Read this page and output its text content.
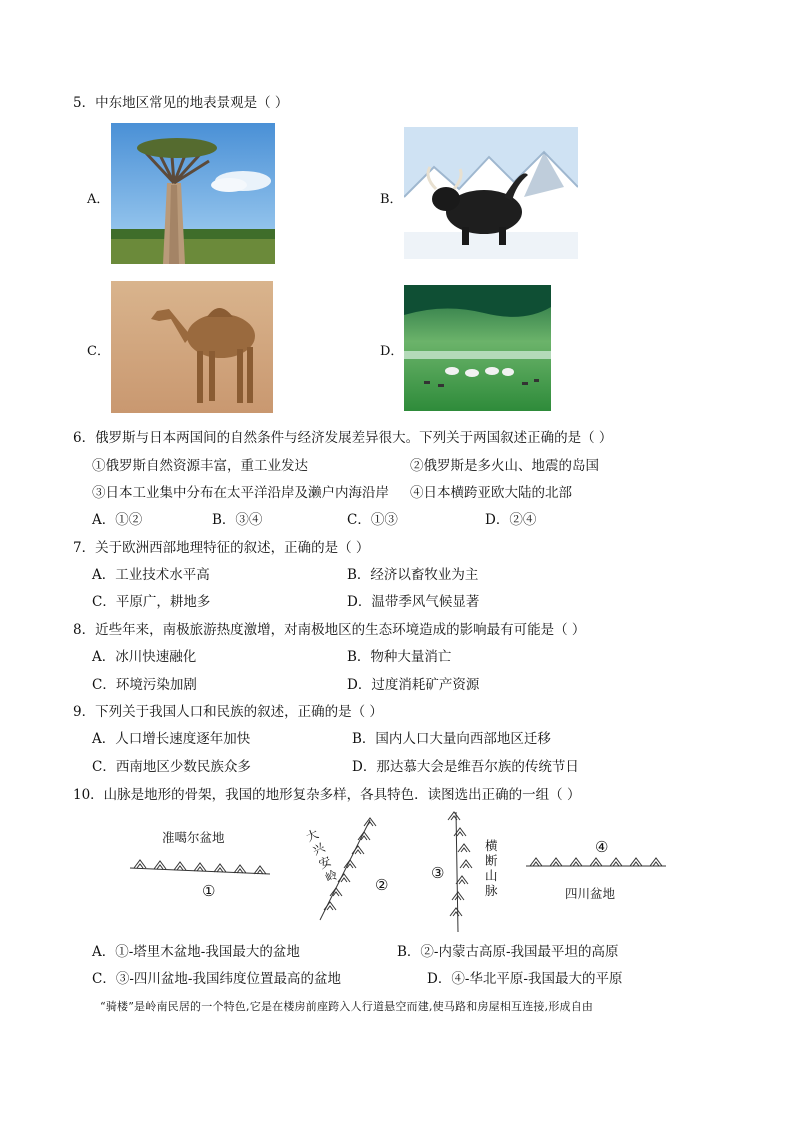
5．中东地区常见的地表景观是（ ）
A．	B．
C．	D．
6．俄罗斯与日本两国间的自然条件与经济发展差异很大。下列关于两国叙述正确的是（ ）
①俄罗斯自然资源丰富，重工业发达	②俄罗斯是多火山、地震的岛国
③日本工业集中分布在太平洋沿岸及濑户内海沿岸 ④日本横跨亚欧大陆的北部
A．①②	B．③④	C．①③	D．②④
7．关于欧洲西部地理特征的叙述，正确的是（ ）
A．工业技术水平高	B．经济以畜牧业为主
C．平原广，耕地多	D．温带季风气候显著
8．近些年来，南极旅游热度激增，对南极地区的生态环境造成的影响最有可能是（ ）
A．冰川快速融化	B．物种大量消亡
C．环境污染加剧	D．过度消耗矿产资源
9．下列关于我国人口和民族的叙述，正确的是（ ）
A．人口增长速度逐年加快	B．国内人口大量向西部地区迁移
C．西南地区少数民族众多	D．那达慕大会是维吾尔族的传统节日
10．山脉是地形的骨架，我国的地形复杂多样，各具特色．读图选出正确的一组（ ）
准噶尔盆地
①
大兴安岭 ②
③
横断山脉
④
四川盆地
A．①-塔里木盆地-我国最大的盆地	B．②-内蒙古高原-我国最平坦的高原
C．③-四川盆地-我国纬度位置最高的盆地	D．④-华北平原-我国最大的平原
“骑楼”是岭南民居的一个特色,它是在楼房前座跨入人行道悬空而建,使马路和房屋相互连接,形成自由
